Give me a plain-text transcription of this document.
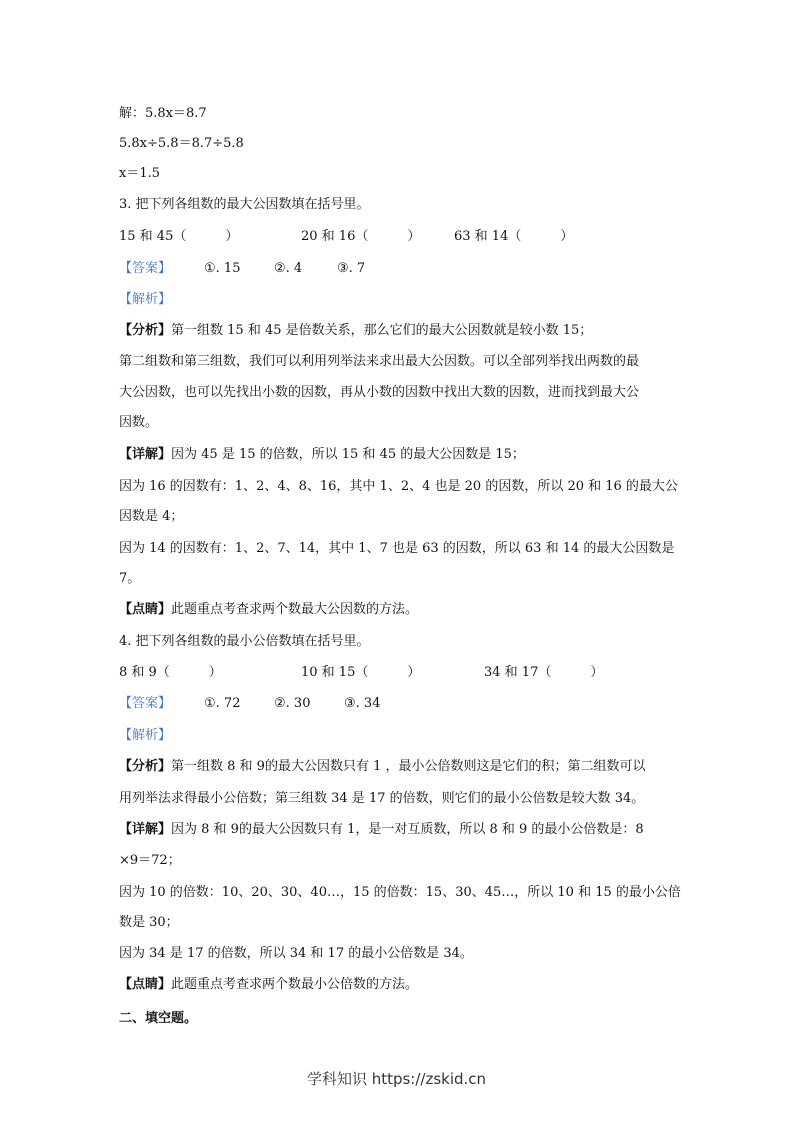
解：5.8x＝8.7
5.8x÷5.8＝8.7÷5.8
x＝1.5
3. 把下列各组数的最大公因数填在括号里。
15 和 45（　　　）	20 和 16（　　　）	63 和 14（　　　）
【答案】	①. 15	②. 4	③. 7
【解析】
【分析】第一组数 15 和 45 是倍数关系，那么它们的最大公因数就是较小数 15；
第二组数和第三组数，我们可以利用列举法来求出最大公因数。可以全部列举找出两数的最
大公因数，也可以先找出小数的因数，再从小数的因数中找出大数的因数，进而找到最大公
因数。
【详解】因为 45 是 15 的倍数，所以 15 和 45 的最大公因数是 15；
因为 16 的因数有：1、2、4、8、16，其中 1、2、4 也是 20 的因数，所以 20 和 16 的最大公
因数是 4；
因为 14 的因数有：1、2、7、14，其中 1、7 也是 63 的因数，所以 63 和 14 的最大公因数是
7。
【点睛】此题重点考查求两个数最大公因数的方法。
4. 把下列各组数的最小公倍数填在括号里。
8 和 9（　　　）	10 和 15（　　　）	34 和 17（　　　）
【答案】	①. 72	②. 30	③. 34
【解析】
【分析】第一组数 8 和 9的最大公因数只有 1 ，最小公倍数则这是它们的积；第二组数可以
用列举法求得最小公倍数；第三组数 34 是 17 的倍数，则它们的最小公倍数是较大数 34。
【详解】因为 8 和 9的最大公因数只有 1，是一对互质数，所以 8 和 9 的最小公倍数是：8
×9＝72；
因为 10 的倍数：10、20、30、40…，15 的倍数：15、30、45…，所以 10 和 15 的最小公倍
数是 30；
因为 34 是 17 的倍数，所以 34 和 17 的最小公倍数是 34。
【点睛】此题重点考查求两个数最小公倍数的方法。
二、填空题。
学科知识 https://zskid.cn
